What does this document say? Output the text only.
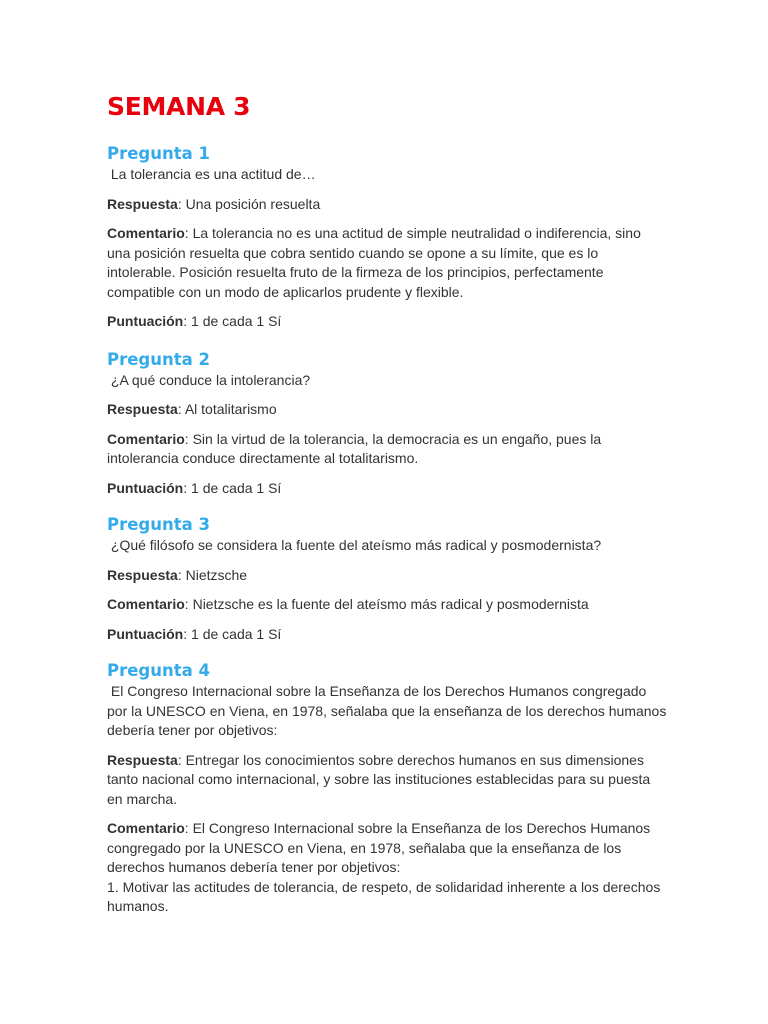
SEMANA 3
Pregunta 1

La tolerancia es una actitud de…

Respuesta: Una posición resuelta

Comentario: La tolerancia no es una actitud de simple neutralidad o indiferencia, sino una posición resuelta que cobra sentido cuando se opone a su límite, que es lo intolerable. Posición resuelta fruto de la firmeza de los principios, perfectamente compatible con un modo de aplicarlos prudente y flexible.

Puntuación: 1 de cada 1 Sí

Pregunta 2

¿A qué conduce la intolerancia?

Respuesta: Al totalitarismo

Comentario: Sin la virtud de la tolerancia, la democracia es un engaño, pues la intolerancia conduce directamente al totalitarismo.

Puntuación: 1 de cada 1 Sí

Pregunta 3

¿Qué filósofo se considera la fuente del ateísmo más radical y posmodernista?

Respuesta: Nietzsche

Comentario: Nietzsche es la fuente del ateísmo más radical y posmodernista

Puntuación: 1 de cada 1 Sí

Pregunta 4

El Congreso Internacional sobre la Enseñanza de los Derechos Humanos congregado por la UNESCO en Viena, en 1978, señalaba que la enseñanza de los derechos humanos debería tener por objetivos:

Respuesta: Entregar los conocimientos sobre derechos humanos en sus dimensiones tanto nacional como internacional, y sobre las instituciones establecidas para su puesta en marcha.

Comentario: El Congreso Internacional sobre la Enseñanza de los Derechos Humanos congregado por la UNESCO en Viena, en 1978, señalaba que la enseñanza de los derechos humanos debería tener por objetivos:
1. Motivar las actitudes de tolerancia, de respeto, de solidaridad inherente a los derechos humanos.
